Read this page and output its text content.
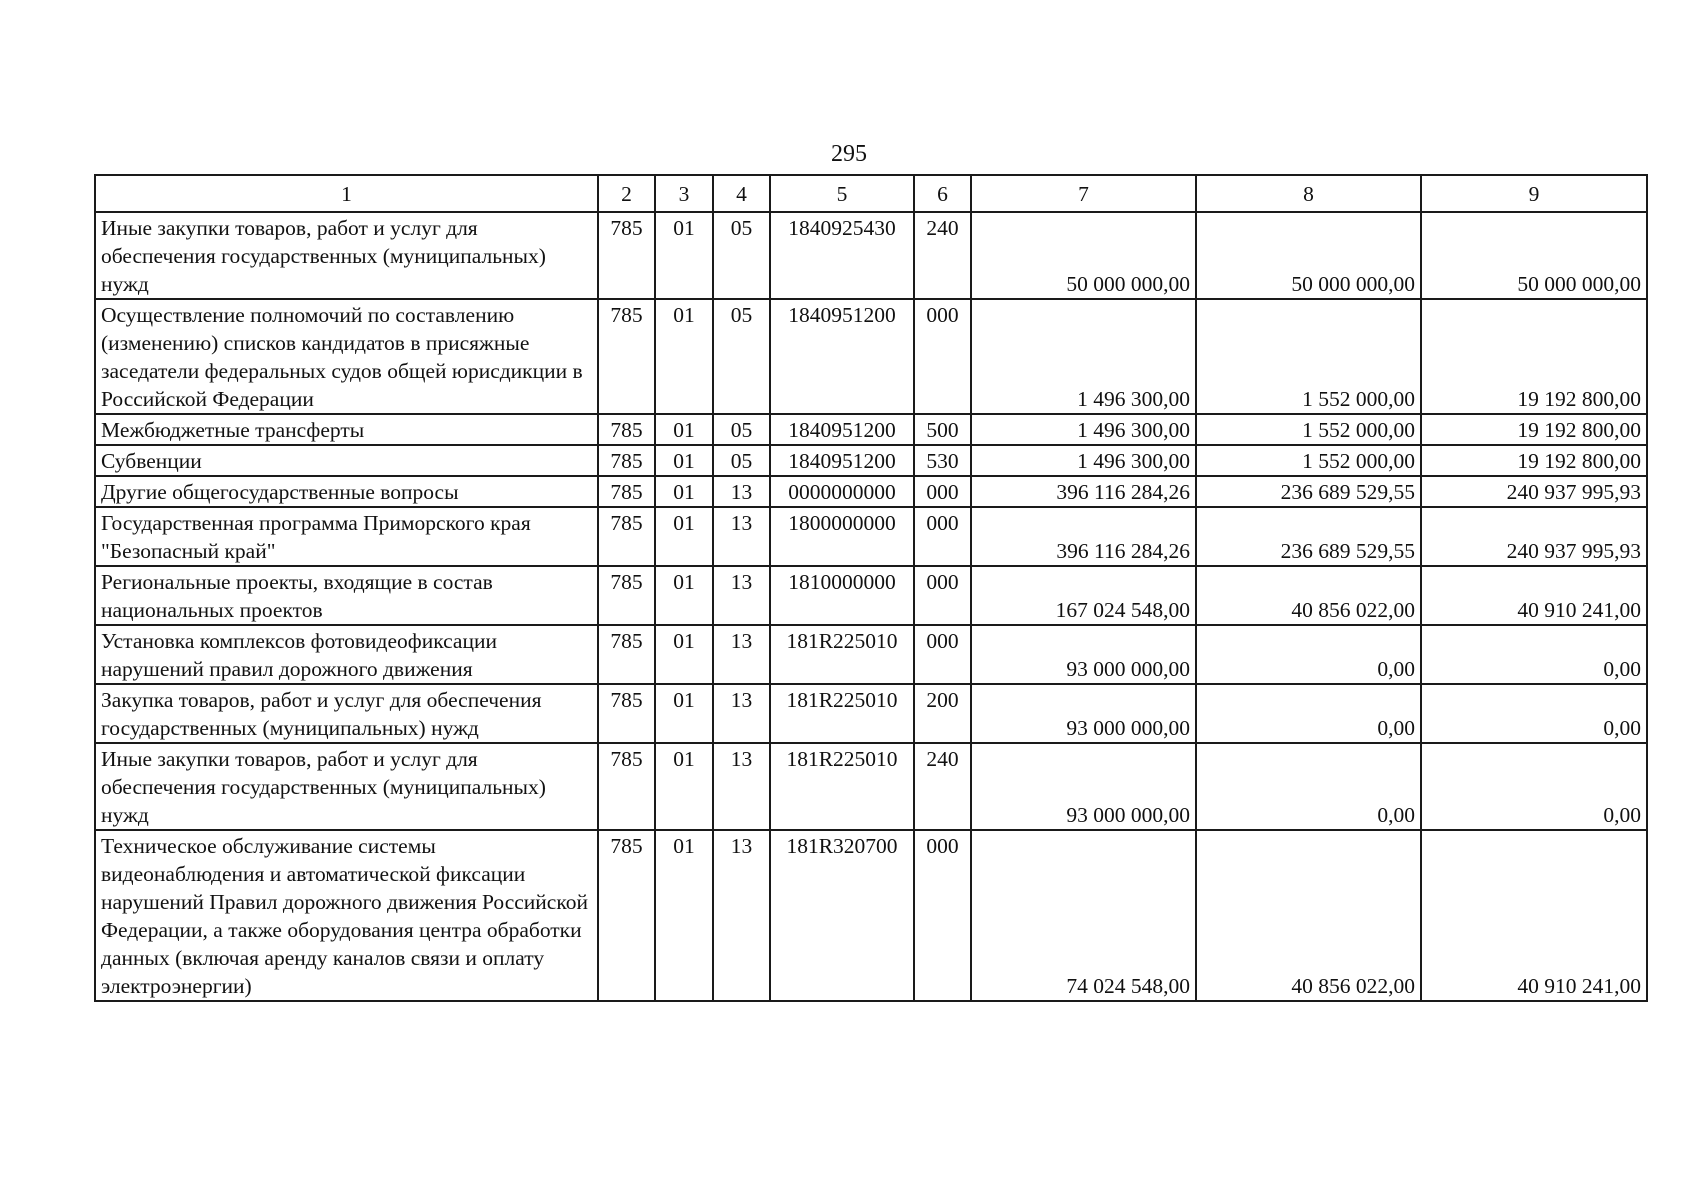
295
1	2	3	4	5	6	7	8	9
Иные закупки товаров, работ и услуг для обеспечения государственных (муниципальных) нужд	785	01	05	1840925430	240	50 000 000,00	50 000 000,00	50 000 000,00
Осуществление полномочий по составлению (изменению) списков кандидатов в присяжные заседатели федеральных судов общей юрисдикции в Российской Федерации	785	01	05	1840951200	000	1 496 300,00	1 552 000,00	19 192 800,00
Межбюджетные трансферты	785	01	05	1840951200	500	1 496 300,00	1 552 000,00	19 192 800,00
Субвенции	785	01	05	1840951200	530	1 496 300,00	1 552 000,00	19 192 800,00
Другие общегосударственные вопросы	785	01	13	0000000000	000	396 116 284,26	236 689 529,55	240 937 995,93
Государственная программа Приморского края "Безопасный край"	785	01	13	1800000000	000	396 116 284,26	236 689 529,55	240 937 995,93
Региональные проекты, входящие в состав национальных проектов	785	01	13	1810000000	000	167 024 548,00	40 856 022,00	40 910 241,00
Установка комплексов фотовидеофиксации нарушений правил дорожного движения	785	01	13	181R225010	000	93 000 000,00	0,00	0,00
Закупка товаров, работ и услуг для обеспечения государственных (муниципальных) нужд	785	01	13	181R225010	200	93 000 000,00	0,00	0,00
Иные закупки товаров, работ и услуг для обеспечения государственных (муниципальных) нужд	785	01	13	181R225010	240	93 000 000,00	0,00	0,00
Техническое обслуживание системы видеонаблюдения и автоматической фиксации нарушений Правил дорожного движения Российской Федерации, а также оборудования центра обработки данных (включая аренду каналов связи и оплату электроэнергии)	785	01	13	181R320700	000	74 024 548,00	40 856 022,00	40 910 241,00
